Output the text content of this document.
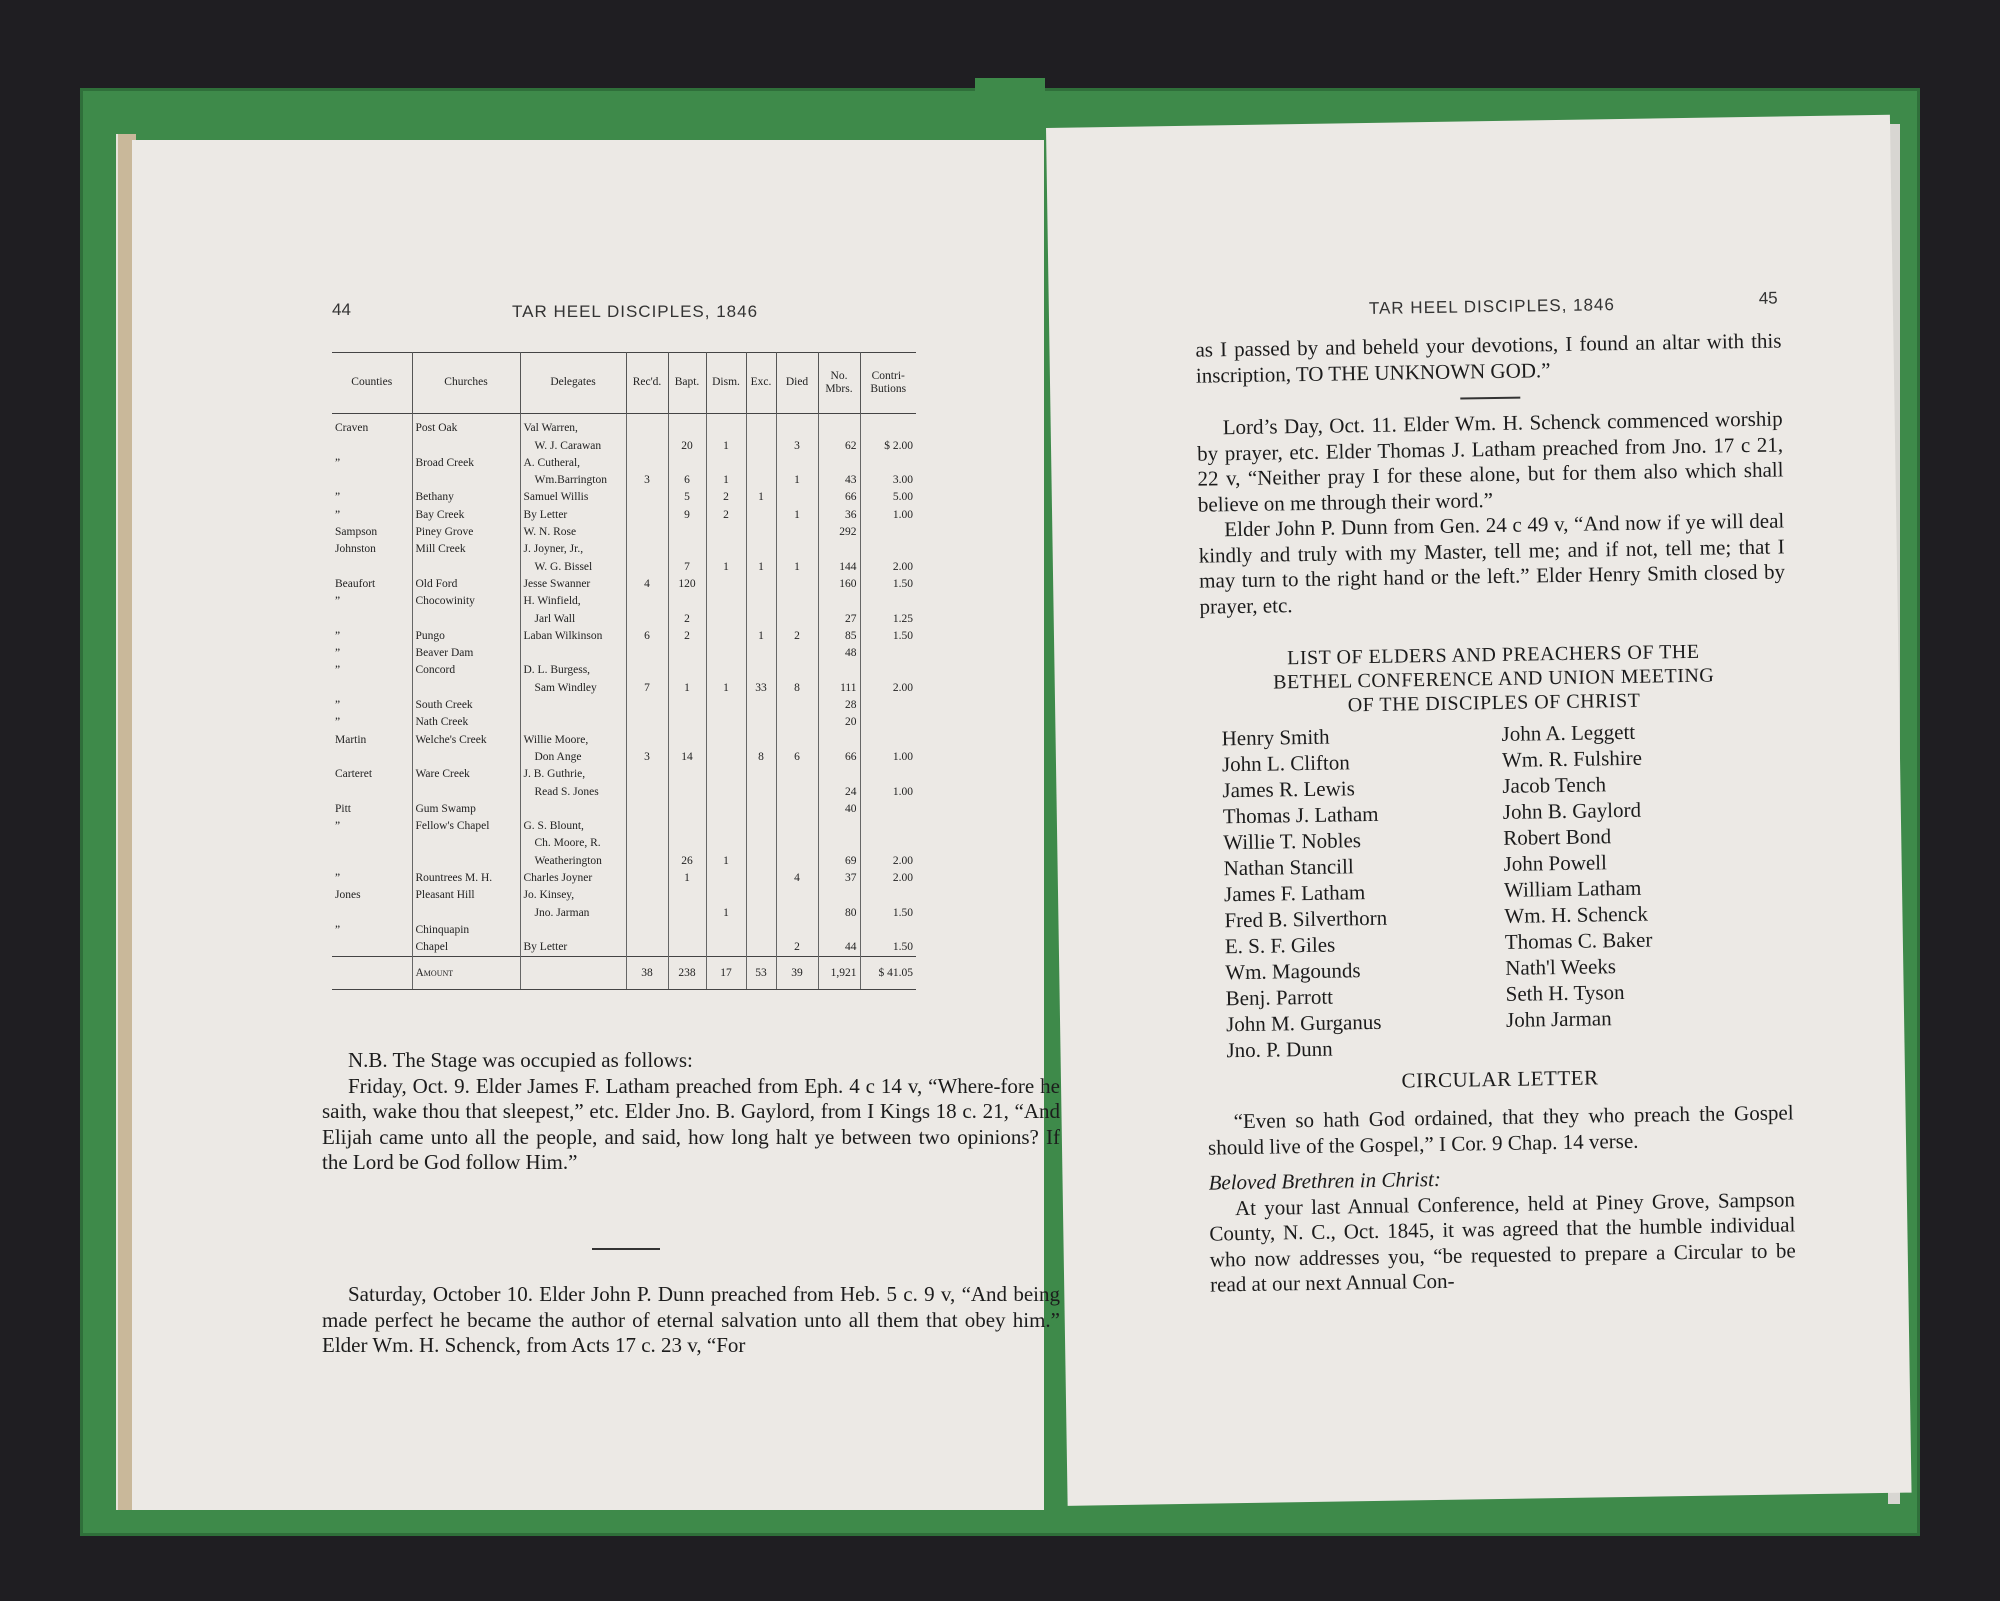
44	TAR HEEL DISCIPLES, 1846
Counties	Churches	Delegates	Rec'd.	Bapt.	Dism.	Exc.	Died	No. Mbrs.	Contri- Butions

Craven	Post Oak	Val Warren,							
		W. J. Carawan		20	1		3	62	$ 2.00
”	Broad Creek	A. Cutheral,							
		Wm.Barrington	3	6	1		1	43	3.00
”	Bethany	Samuel Willis		5	2	1		66	5.00
”	Bay Creek	By Letter		9	2		1	36	1.00
Sampson	Piney Grove	W. N. Rose						292	
Johnston	Mill Creek	J. Joyner, Jr.,							
		W. G. Bissel		7	1	1	1	144	2.00
Beaufort	Old Ford	Jesse Swanner	4	120				160	1.50
”	Chocowinity	H. Winfield,							
		Jarl Wall		2				27	1.25
”	Pungo	Laban Wilkinson	6	2		1	2	85	1.50
”	Beaver Dam							48	
”	Concord	D. L. Burgess,							
		Sam Windley	7	1	1	33	8	111	2.00
”	South Creek							28	
”	Nath Creek							20	
Martin	Welche's Creek	Willie Moore,							
		Don Ange	3	14		8	6	66	1.00
Carteret	Ware Creek	J. B. Guthrie,							
		Read S. Jones						24	1.00
Pitt	Gum Swamp							40	
”	Fellow's Chapel	G. S. Blount,							
		Ch. Moore, R.							
		Weatherington		26	1			69	2.00
”	Rountrees M. H.	Charles Joyner		1			4	37	2.00
Jones	Pleasant Hill	Jo. Kinsey,							
		Jno. Jarman			1			80	1.50
”	Chinquapin								
	Chapel	By Letter					2	44	1.50
	Amount		38	238	17	53	39	1,921	$ 41.05

N.B. The Stage was occupied as follows:

Friday, Oct. 9. Elder James F. Latham preached from Eph. 4 c 14 v, “Where-fore he saith, wake thou that sleepest,” etc. Elder Jno. B. Gaylord, from I Kings 18 c. 21, “And Elijah came unto all the people, and said, how long halt ye between two opinions? If the Lord be God follow Him.”

Saturday, October 10. Elder John P. Dunn preached from Heb. 5 c. 9 v, “And being made perfect he became the author of eternal salvation unto all them that obey him.” Elder Wm. H. Schenck, from Acts 17 c. 23 v, “For

TAR HEEL DISCIPLES, 1846	45

as I passed by and beheld your devotions, I found an altar with this inscription, TO THE UNKNOWN GOD.”

Lord’s Day, Oct. 11. Elder Wm. H. Schenck commenced worship by prayer, etc. Elder Thomas J. Latham preached from Jno. 17 c 21, 22 v, “Neither pray I for these alone, but for them also which shall believe on me through their word.”

Elder John P. Dunn from Gen. 24 c 49 v, “And now if ye will deal kindly and truly with my Master, tell me; and if not, tell me; that I may turn to the right hand or the left.” Elder Henry Smith closed by prayer, etc.

LIST OF ELDERS AND PREACHERS OF THE
BETHEL CONFERENCE AND UNION MEETING
OF THE DISCIPLES OF CHRIST
Henry Smith
John L. Clifton
James R. Lewis
Thomas J. Latham
Willie T. Nobles
Nathan Stancill
James F. Latham
Fred B. Silverthorn
E. S. F. Giles
Wm. Magounds
Benj. Parrott
John M. Gurganus
Jno. P. Dunn
John A. Leggett
Wm. R. Fulshire
Jacob Tench
John B. Gaylord
Robert Bond
John Powell
William Latham
Wm. H. Schenck
Thomas C. Baker
Nath'l Weeks
Seth H. Tyson
John Jarman
CIRCULAR LETTER

“Even so hath God ordained, that they who preach the Gospel should live of the Gospel,” I Cor. 9 Chap. 14 verse.

Beloved Brethren in Christ:

At your last Annual Conference, held at Piney Grove, Sampson County, N. C., Oct. 1845, it was agreed that the humble individual who now addresses you, “be requested to prepare a Circular to be read at our next Annual Con-
